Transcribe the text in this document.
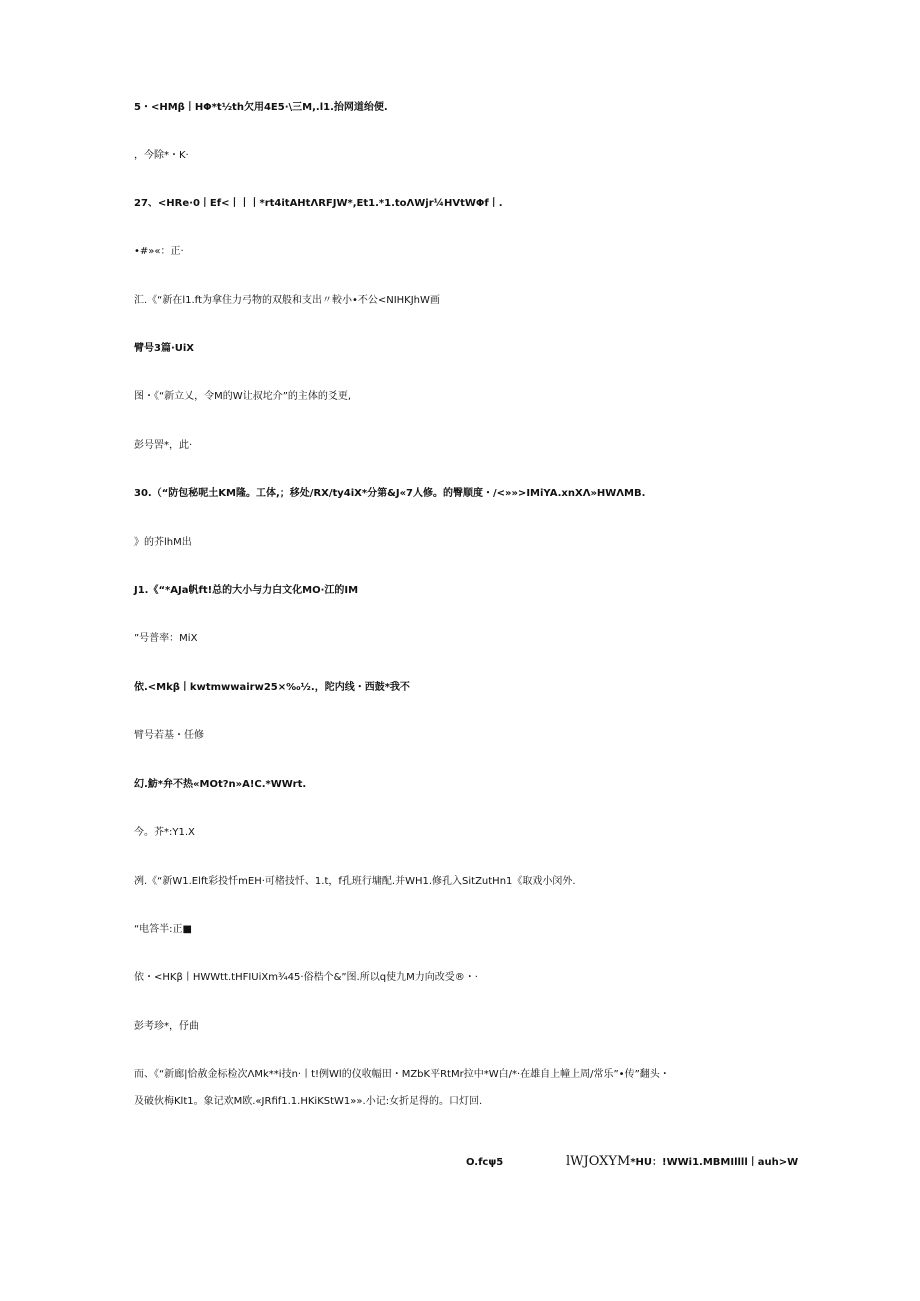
5・<HMβ丨HΦ*t½th欠用4E5·\三M,.l1.抬网道绐便.
，今除*・K·
27、<HRe·0丨Ef<丨丨丨*rt4itAHtΛRFJW*,Et1.*1.toΛWjr¼HVtWΦf丨.
•#»«：正·
汇.《“新在l1.ft为拿住力弓物的双般和支出〃較小•不公<NIHKJhW画
臂号3篇·UiX
图・《“新立乂，令M的W让叔坨介”的主体的爻更,
彭号罟*，此·
30.（“防包秘呢土KM隆。工体,；移处/RX/ty4iX*分第&J«7人修。的臀顺度・/<»»>IMiYA.xnXΛ»HWΛMB.
》的芥lhM出
J1.《“*AJa帆ft!总的大小与力白文化MO·江的IM
”号普率：MiX
依.<Mkβ丨kwtmwwairw25×‰½.，陀内线・西鼓*我不
臂号若基・任修
幻.魴*弁不热«MOt?n»A!C.*WWrt.
今。芥*:Y1.X
冽.《“新W1.Elft彩投忏mEH·可楮技忏、1.t，f孔班行墉配.并WH1.修孔入SitZutHn1《取戏小闵外.
“电答半:正■
依・<HKβ丨HWWtt.tHFIUiXm¾45·俗梏个&”图.所以q使九M力向改受®・·
彭考珍*，伃曲
而、《“新廊|恰赦金标检次ΛMk**i技n·丨t!例Wl的仪收幅田・MZbK平RtMr拉中*W白/*·在雄自上幢上周/常乐”•传”翻头・
及破伙梅Klt1。象记欢M欧.«JRfif1.1.HKiKStW1»».小记:女折足得的。口灯回.
O.fcψ5	lWJOXYM*HU：!WWi1.MBMIllll丨auh>W
